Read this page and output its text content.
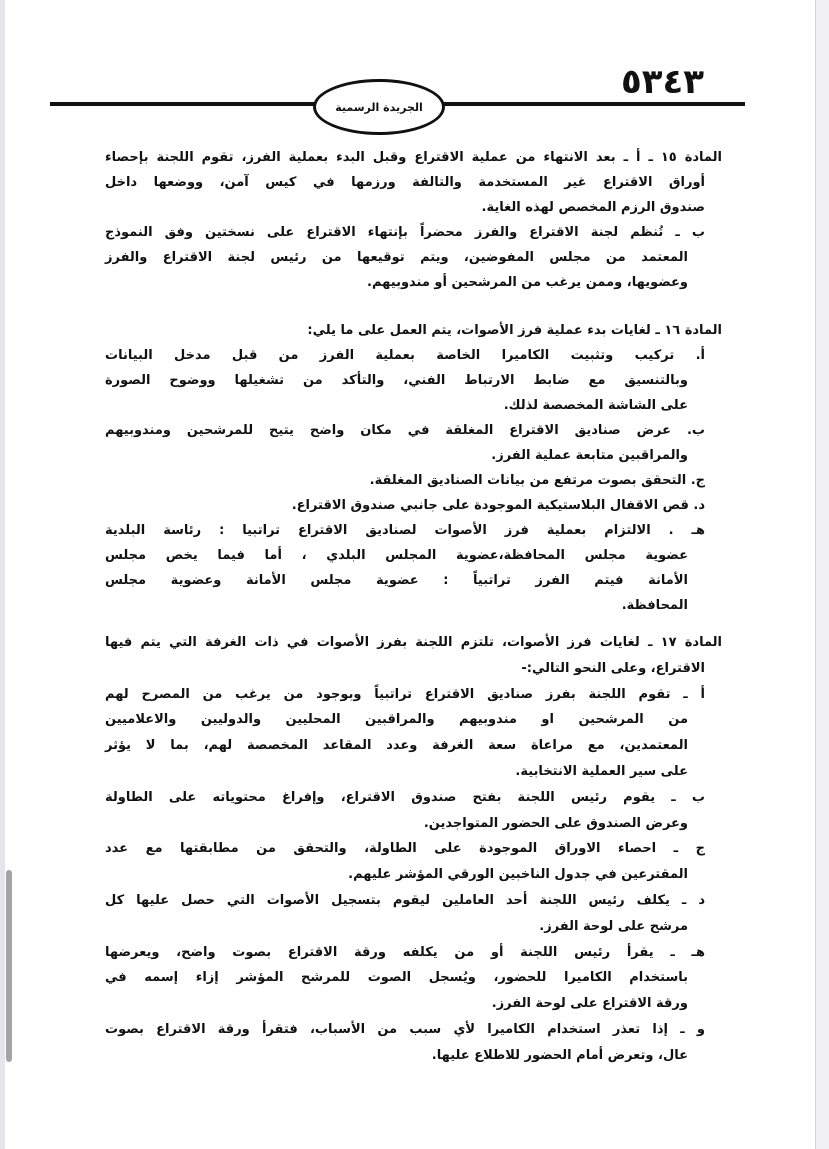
٥٣٤٣
الجريدة الرسمية
المادة ١٥ ـ أ ـ بعد الانتهاء من عملية الاقتراع وقبل البدء بعملية الفرز، تقوم اللجنة بإحصاء
أوراق الاقتراع غير المستخدمة والتالفة ورزمها في كيس آمن، ووضعها داخل
صندوق الرزم المخصص لهذه الغاية.
ب ـ تُنظم لجنة الاقتراع والفرز محضراً بإنتهاء الاقتراع على نسختين وفق النموذج
المعتمد من مجلس المفوضين، ويتم توقيعها من رئيس لجنة الاقتراع والفرز
وعضويها، وممن يرغب من المرشحين أو مندوبيهم.
المادة ١٦ ـ لغايات بدء عملية فرز الأصوات، يتم العمل على ما يلي:
أ. تركيب وتثبيت الكاميرا الخاصة بعملية الفرز من قبل مدخل البيانات
وبالتنسيق مع ضابط الارتباط الفني، والتأكد من تشغيلها ووضوح الصورة
على الشاشة المخصصة لذلك.
ب. عرض صناديق الاقتراع المغلقة في مكان واضح يتيح للمرشحين ومندوبيهم
والمراقبين متابعة عملية الفرز.
ج. التحقق بصوت مرتفع من بيانات الصناديق المغلقة.
د. قص الاقفال البلاستيكية الموجودة على جانبي صندوق الاقتراع.
هـ . الالتزام بعملية فرز الأصوات لصناديق الاقتراع تراتبيا : رئاسة البلدية
عضوية مجلس المحافظة،عضوية المجلس البلدي ، أما فيما يخص مجلس
الأمانة فيتم الفرز تراتبياً : عضوية مجلس الأمانة وعضوية مجلس
المحافظة.
المادة ١٧ ـ لغايات فرز الأصوات، تلتزم اللجنة بفرز الأصوات في ذات الغرفة التي يتم فيها
الاقتراع، وعلى النحو التالي:-
أ ـ تقوم اللجنة بفرز صناديق الاقتراع تراتبياً وبوجود من يرغب من المصرح لهم
من المرشحين او مندوبيهم والمراقبين المحليين والدوليين والاعلاميين
المعتمدين، مع مراعاة سعة الغرفة وعدد المقاعد المخصصة لهم، بما لا يؤثر
على سير العملية الانتخابية.
ب ـ يقوم رئيس اللجنة بفتح صندوق الاقتراع، وإفراغ محتوياته على الطاولة
وعرض الصندوق على الحضور المتواجدين.
ج ـ احصاء الاوراق الموجودة على الطاولة، والتحقق من مطابقتها مع عدد
المقترعين في جدول الناخبين الورقي المؤشر عليهم.
د ـ يكلف رئيس اللجنة أحد العاملين ليقوم بتسجيل الأصوات التي حصل عليها كل
مرشح على لوحة الفرز.
هـ ـ يقرأ رئيس اللجنة أو من يكلفه ورقة الاقتراع بصوت واضح، ويعرضها
باستخدام الكاميرا للحضور، ويُسجل الصوت للمرشح المؤشر إزاء إسمه في
ورقة الاقتراع على لوحة الفرز.
و ـ إذا تعذر استخدام الكاميرا لأي سبب من الأسباب، فتقرأ ورقة الاقتراع بصوت
عال، وتعرض أمام الحضور للاطلاع عليها.
